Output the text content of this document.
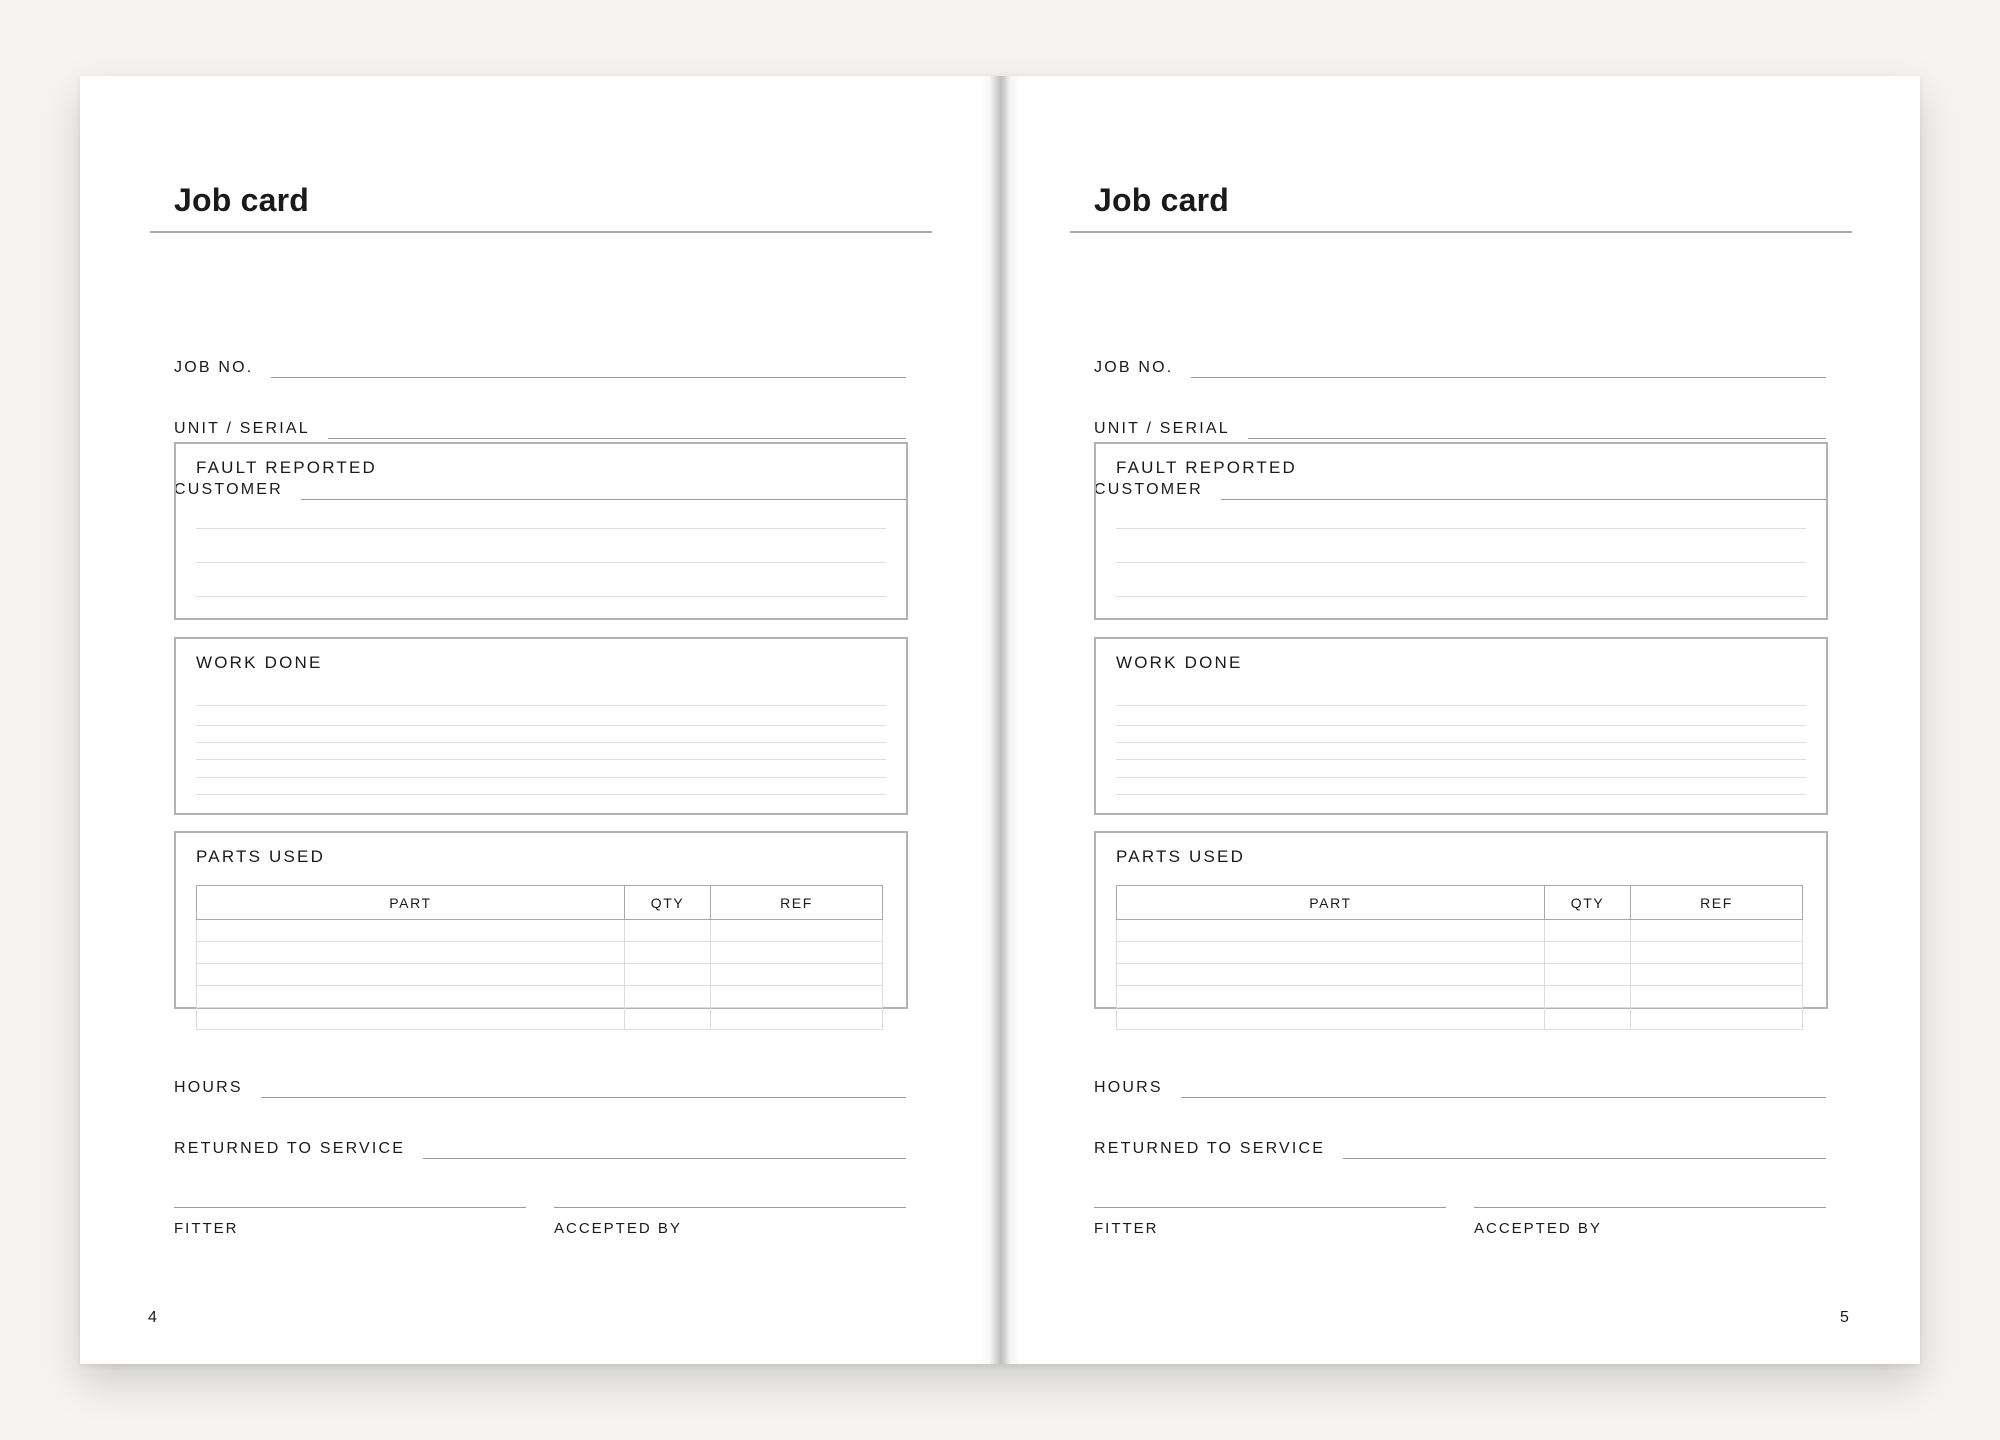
Job card
JOB NO.
UNIT / SERIAL
CUSTOMER
FAULT REPORTED
WORK DONE
PARTS USED
PART	QTY	REF

HOURS
RETURNED TO SERVICE
FITTER	ACCEPTED BY
4
Job card
JOB NO.
UNIT / SERIAL
CUSTOMER
FAULT REPORTED
WORK DONE
PARTS USED
PART	QTY	REF

HOURS
RETURNED TO SERVICE
FITTER	ACCEPTED BY
5
